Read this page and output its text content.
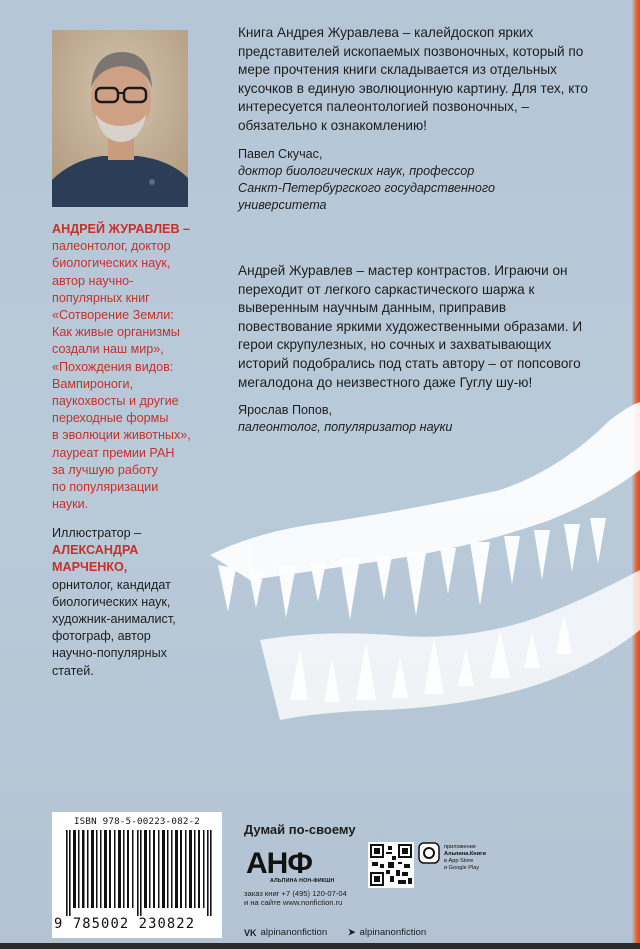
АНДРЕЙ ЖУРАВЛЕВ –

палеонтолог, доктор

биологических наук,

автор научно-

популярных книг

«Сотворение Земли:

Как живые организмы

создали наш мир»,

«Похождения видов:

Вампироноги,

паукохвосты и другие

переходные формы

в эволюции животных»,

лауреат премии РАН

за лучшую работу

по популяризации

науки.

Иллюстратор –

АЛЕКСАНДРА

МАРЧЕНКО,

орнитолог, кандидат

биологических наук,

художник-анималист,

фотограф, автор

научно-популярных

статей.

Книга Андрея Журавлева – калейдоскоп ярких представителей ископаемых позвоночных, который по мере прочтения книги складывается из отдельных кусочков в единую эволюционную картину. Для тех, кто интересуется палеонтологией позвоночных, – обязательно к ознакомлению!

Павел Скучас,

доктор биологических наук, профессор

Санкт-Петербургского государственного

университета

Андрей Журавлев – мастер контрастов. Играючи он переходит от легкого саркастического шаржа к выверенным научным данным, приправив повествование яркими художественными образами. И герои скрупулезных, но сочных и захватывающих историй подобрались под стать автору – от попсового мегалодона до неизвестного даже Гуглу шу-ю!

Ярослав Попов,

палеонтолог, популяризатор науки

ISBN 978-5-00223-082-2
9 785002 230822
Думай по-своему
АНФ
АЛЬПИНА НОН-ФИКШН
заказ книг +7 (495) 120-07-04
и на сайте www.nonfiction.ru
приложение
Альпина.Книги
в App Store
и Google Play
VK alpinanonfiction ➤ alpinanonfiction
